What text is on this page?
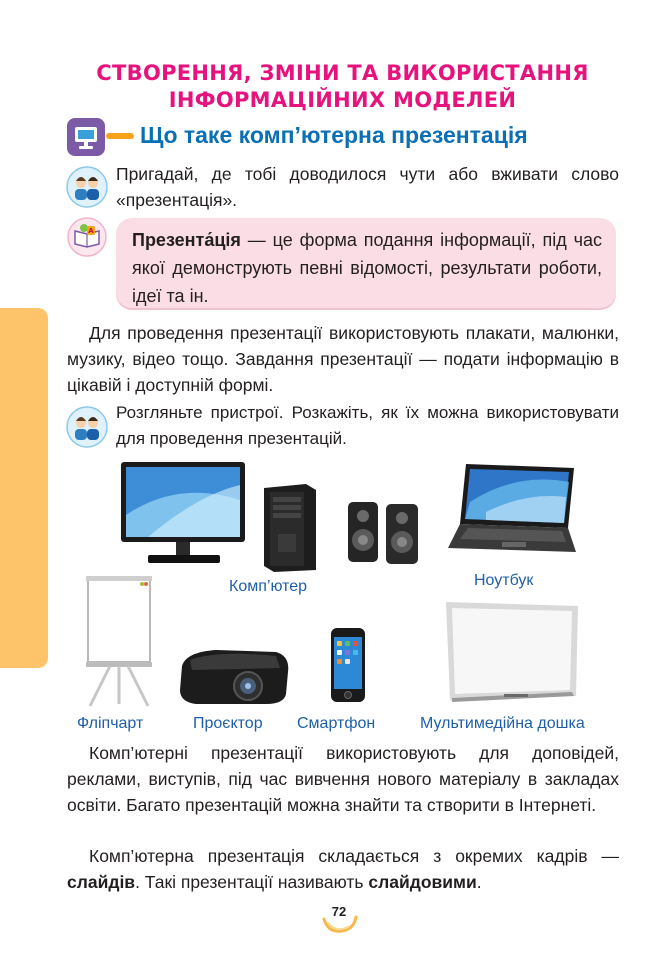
СТВОРЕННЯ, ЗМІНИ ТА ВИКОРИСТАННЯ
ІНФОРМАЦІЙНИХ МОДЕЛЕЙ
Що таке комп’ютерна презентація
Пригадай, де тобі доводилося чути або вживати слово «презентація».
A Презента́ція — це форма подання інформації, під час якої демонструють певні відомості, результати роботи, ідеї та ін.
Для проведення презентації використовують плакати, малюнки, музику, відео тощо. Завдання презентації — подати інформацію в цікавій і доступній формі.
Розгляньте пристрої. Розкажіть, як їх можна використовувати для проведення презентацій.
Комп’ютер	Ноутбук
Фліпчарт	Проєктор Смартфон	Мультимедійна дошка
Комп’ютерні презентації використовують для доповідей, реклами, виступів, під час вивчення нового матеріалу в закладах освіти. Багато презентацій можна знайти та створити в Інтернеті.
Комп’ютерна презентація складається з окремих кадрів — слайдів. Такі презентації називають слайдовими.
72
